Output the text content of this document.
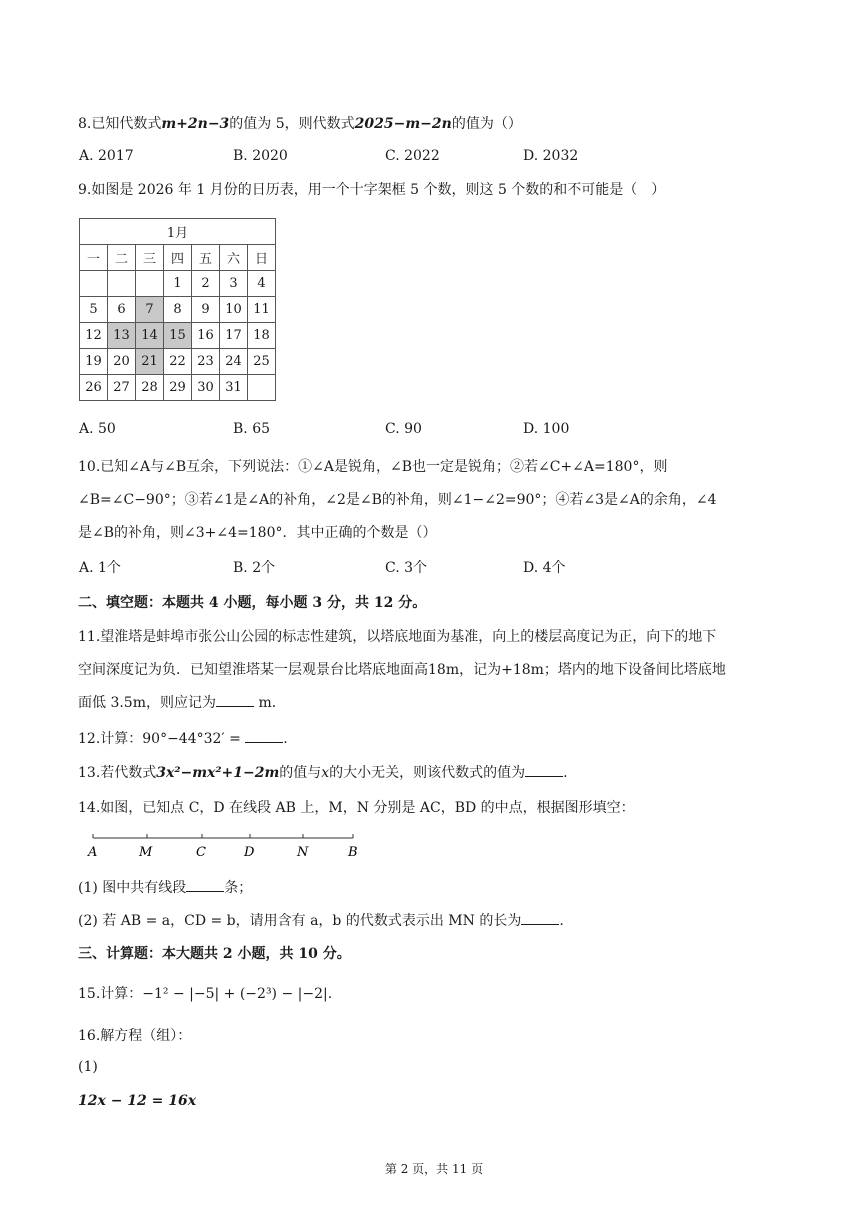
8.已知代数式m+2n−3的值为 5，则代数式2025−m−2n的值为（）
A. 2017	B. 2020	C. 2022	D. 2032
9.如图是 2026 年 1 月份的日历表，用一个十字架框 5 个数，则这 5 个数的和不可能是（　）
1月						
一	二	三	四	五	六	日
			1	2	3	4
5	6	7	8	9	10	11
12	13	14	15	16	17	18
19	20	21	22	23	24	25
26	27	28	29	30	31	
A. 50	B. 65	C. 90	D. 100
10.已知∠A与∠B互余，下列说法：①∠A是锐角，∠B也一定是锐角；②若∠C+∠A=180°，则
∠B=∠C−90°；③若∠1是∠A的补角，∠2是∠B的补角，则∠1−∠2=90°；④若∠3是∠A的余角，∠4
是∠B的补角，则∠3+∠4=180°．其中正确的个数是（）
A. 1个	B. 2个	C. 3个	D. 4个
二、填空题：本题共 4 小题，每小题 3 分，共 12 分。
11.望淮塔是蚌埠市张公山公园的标志性建筑，以塔底地面为基准，向上的楼层高度记为正，向下的地下
空间深度记为负．已知望淮塔某一层观景台比塔底地面高18m，记为+18m；塔内的地下设备间比塔底地
面低 3.5m，则应记为	m．
12.计算：90°−44°32′ =	.
13.若代数式3x²−mx²+1−2m的值与x的大小无关，则该代数式的值为	.
14.如图，已知点 C，D 在线段 AB 上，M，N 分别是 AC，BD 的中点，根据图形填空：
A	M	C	D	N	B
(1) 图中共有线段	条；
(2) 若 AB = a，CD = b，请用含有 a，b 的代数式表示出 MN 的长为	.
三、计算题：本大题共 2 小题，共 10 分。
15.计算：−1² − |−5| + (−2³) − |−2|.
16.解方程（组）：
(1)
12x − 12 = 16x
第 2 页，共 11 页
